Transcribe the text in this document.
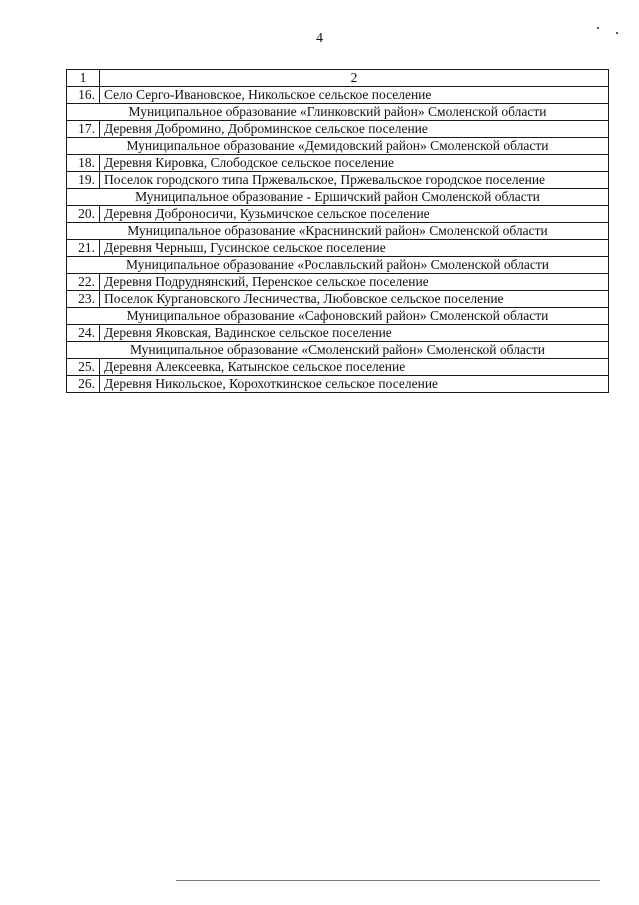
4
1	2
16.	Село Серго-Ивановское, Никольское сельское поселение
Муниципальное образование «Глинковский район» Смоленской области	
17.	Деревня Добромино, Доброминское сельское поселение
Муниципальное образование «Демидовский район» Смоленской области	
18.	Деревня Кировка, Слободское сельское поселение
19.	Поселок городского типа Пржевальское, Пржевальское городское поселение
Муниципальное образование - Ершичский район Смоленской области	
20.	Деревня Доброносичи, Кузьмичское сельское поселение
Муниципальное образование «Краснинский район» Смоленской области	
21.	Деревня Черныш, Гусинское сельское поселение
Муниципальное образование «Рославльский район» Смоленской области	
22.	Деревня Подруднянский, Перенское сельское поселение
23.	Поселок Кургановского Лесничества, Любовское сельское поселение
Муниципальное образование «Сафоновский район» Смоленской области	
24.	Деревня Яковская, Вадинское сельское поселение
Муниципальное образование «Смоленский район» Смоленской области	
25.	Деревня Алексеевка, Катынское сельское поселение
26.	Деревня Никольское, Корохоткинское сельское поселение
